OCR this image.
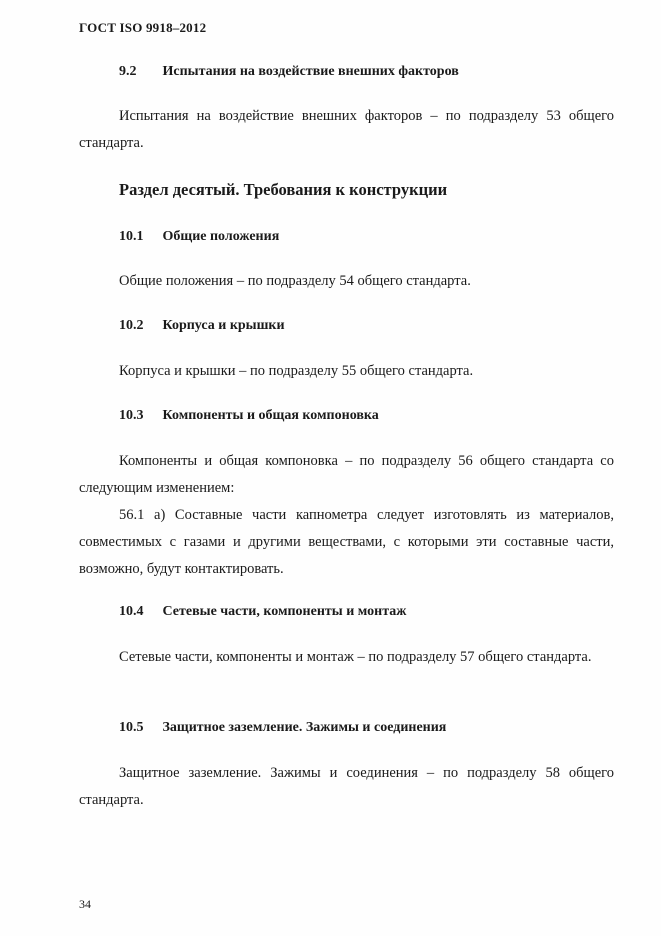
ГОСТ ISO 9918–2012
9.2 Испытания на воздействие внешних факторов

Испытания на воздействие внешних факторов – по подразделу 53 общего стандарта.

Раздел десятый. Требования к конструкции
10.1 Общие положения

Общие положения – по подразделу 54 общего стандарта.

10.2 Корпуса и крышки

Корпуса и крышки – по подразделу 55 общего стандарта.

10.3 Компоненты и общая компоновка

Компоненты и общая компоновка – по подразделу 56 общего стандарта со следующим изменением:

56.1 а) Составные части капнометра следует изготовлять из материалов, совместимых с газами и другими веществами, с которыми эти составные части, возможно, будут контактировать.

10.4 Сетевые части, компоненты и монтаж

Сетевые части, компоненты и монтаж – по подразделу 57 общего стандарта.

10.5 Защитное заземление. Зажимы и соединения

Защитное заземление. Зажимы и соединения – по подразделу 58 общего стандарта.

34
